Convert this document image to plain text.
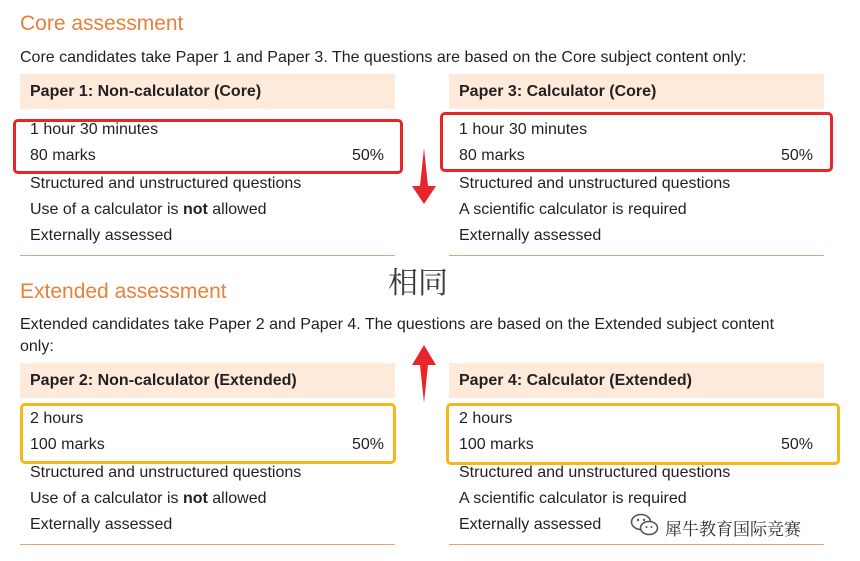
Core assessment
Core candidates take Paper 1 and Paper 3. The questions are based on the Core subject content only:
Paper 1: Non-calculator (Core)
1 hour 30 minutes
80 marks	50%
Structured and unstructured questions
Use of a calculator is not allowed
Externally assessed
Paper 3: Calculator (Core)
1 hour 30 minutes
80 marks	50%
Structured and unstructured questions
A scientific calculator is required
Externally assessed
相同
Extended assessment
Extended candidates take Paper 2 and Paper 4. The questions are based on the Extended subject content
only:
Paper 2: Non-calculator (Extended)
2 hours
100 marks	50%
Structured and unstructured questions
Use of a calculator is not allowed
Externally assessed
Paper 4: Calculator (Extended)
2 hours
100 marks	50%
Structured and unstructured questions
A scientific calculator is required
Externally assessed	犀牛教育国际竞赛
